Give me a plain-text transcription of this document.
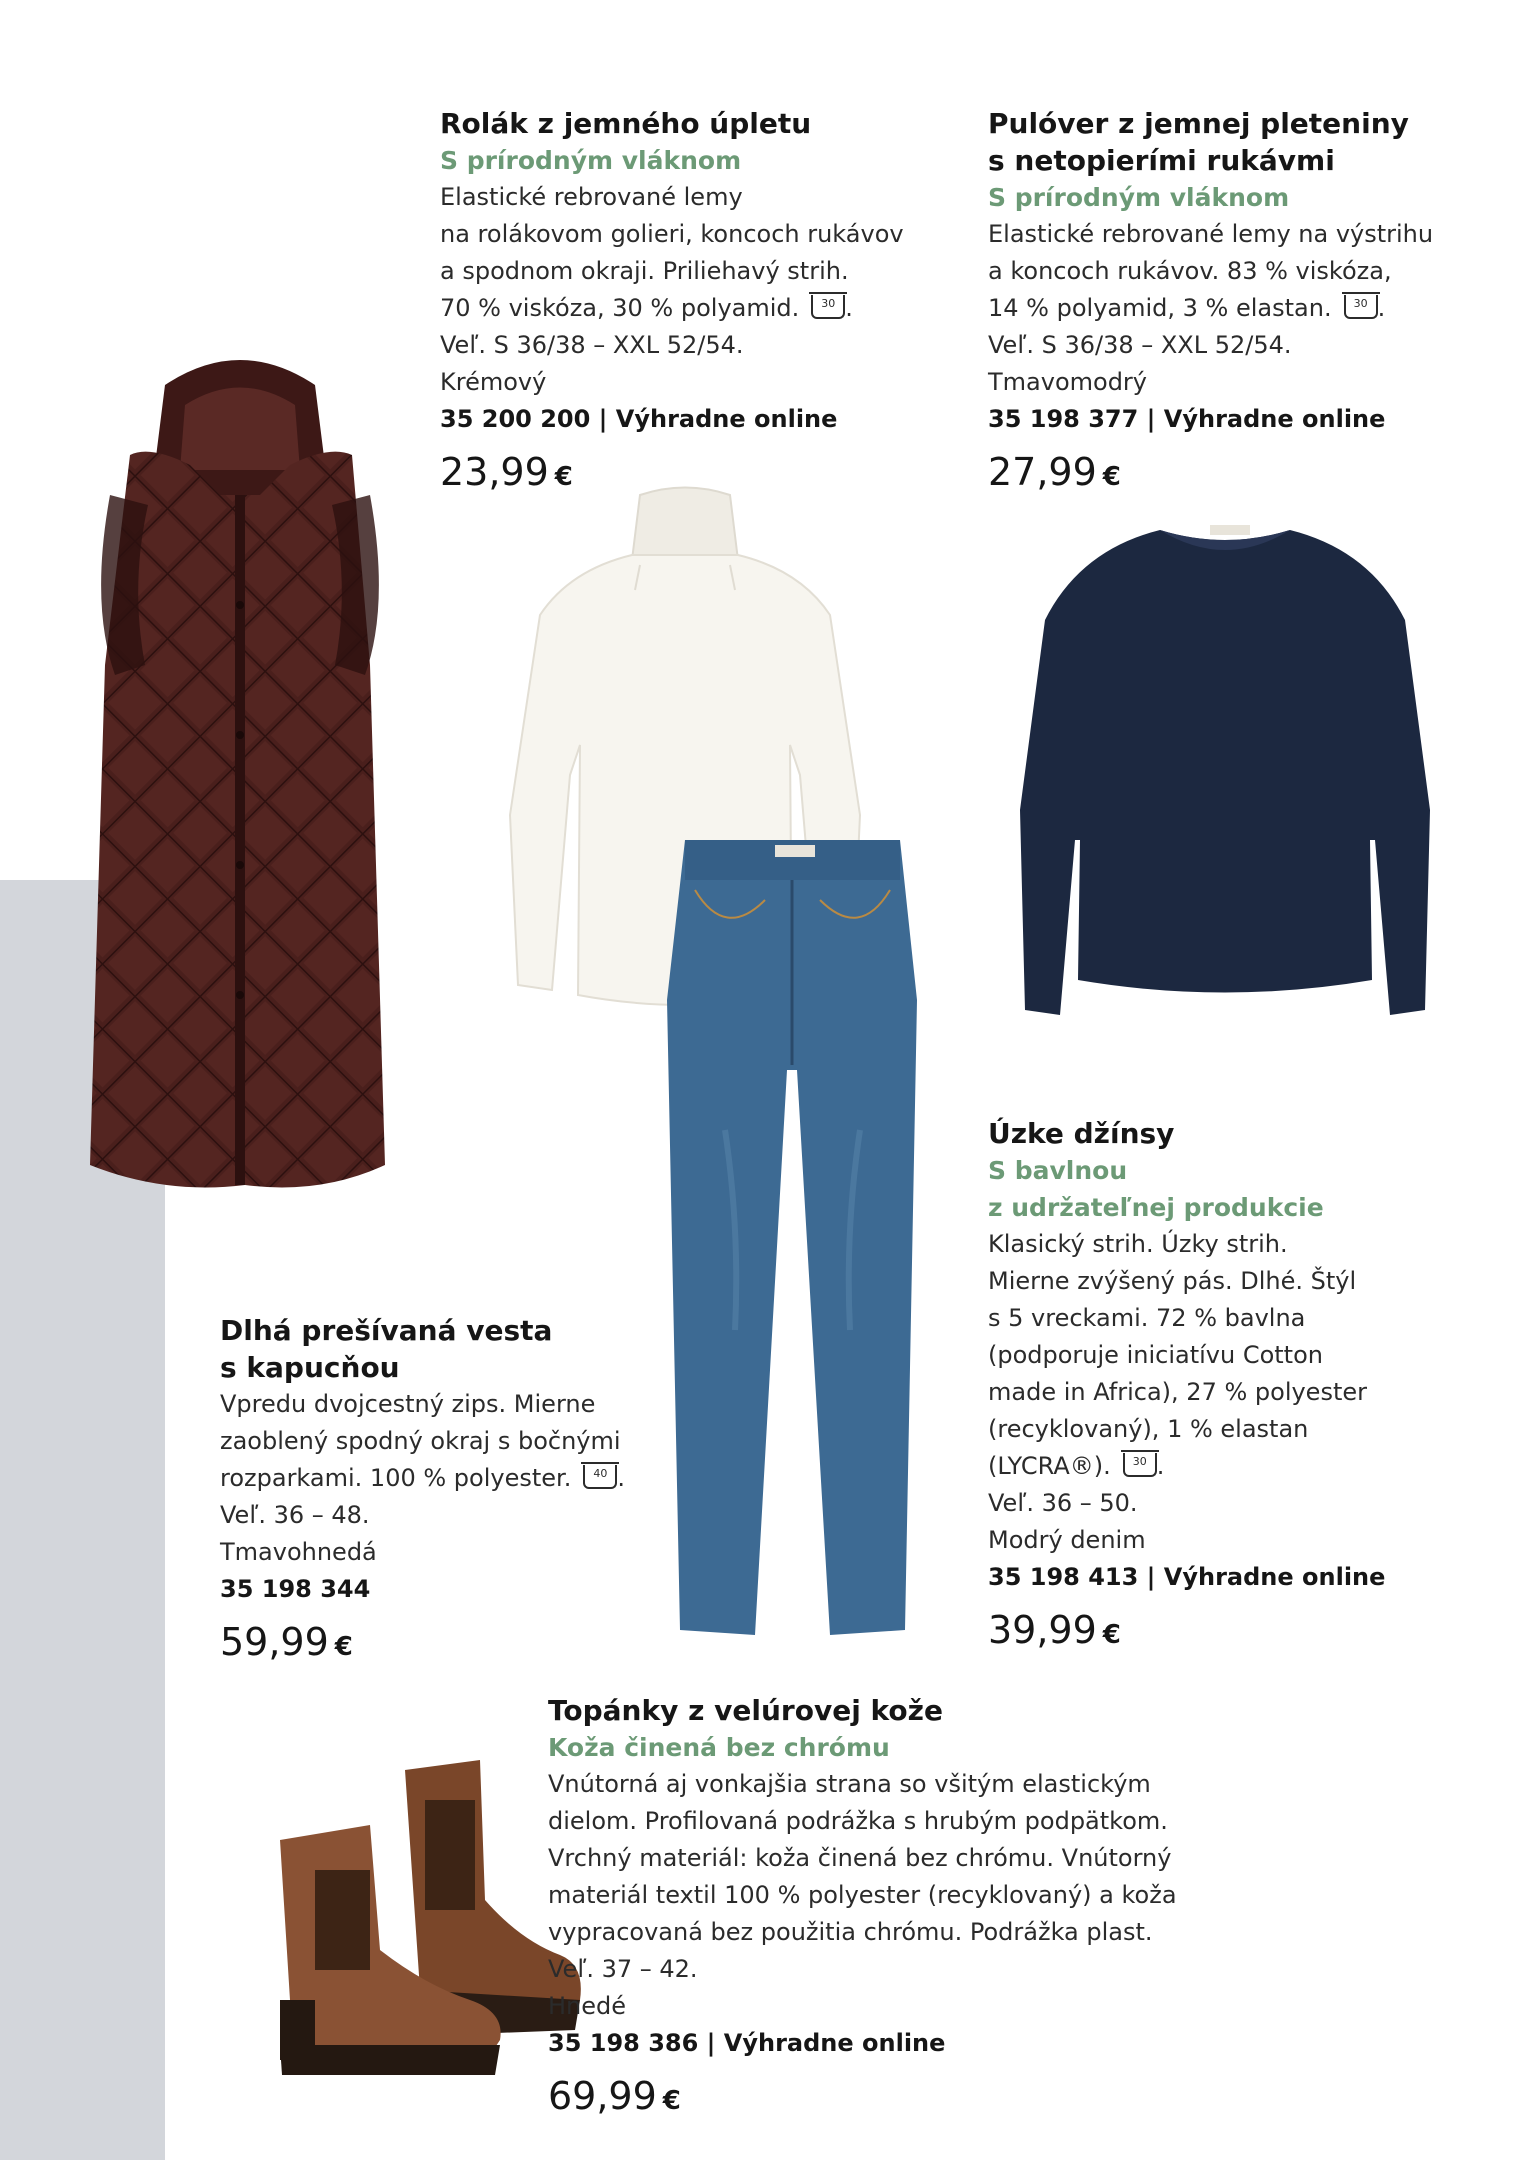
Rolák z jemného úpletu
S prírodným vláknom
Elastické rebrované lemy
na rolákovom golieri, koncoch rukávov
a spodnom okraji. Priliehavý strih.
70 % viskóza, 30 % polyamid. 30 .
Veľ. S 36/38 – XXL 52/54.
Krémový
35 200 200 | Výhradne online
23,99 €
Pulóver z jemnej pleteniny
s netopierími rukávmi
S prírodným vláknom
Elastické rebrované lemy na výstrihu
a koncoch rukávov. 83 % viskóza,
14 % polyamid, 3 % elastan. 30 .
Veľ. S 36/38 – XXL 52/54.
Tmavomodrý
35 198 377 | Výhradne online
27,99 €
Dlhá prešívaná vesta
s kapucňou
Vpredu dvojcestný zips. Mierne
zaoblený spodný okraj s bočnými
rozparkami. 100 % polyester. 40 .
Veľ. 36 – 48.
Tmavohnedá
35 198 344
59,99 €
Úzke džínsy
S bavlnou
z udržateľnej produkcie
Klasický strih. Úzky strih.
Mierne zvýšený pás. Dlhé. Štýl
s 5 vreckami. 72 % bavlna
(podporuje iniciatívu Cotton
made in Africa), 27 % polyester
(recyklovaný), 1 % elastan
(LYCRA®). 30 .
Veľ. 36 – 50.
Modrý denim
35 198 413 | Výhradne online
39,99 €
Topánky z velúrovej kože
Koža činená bez chrómu
Vnútorná aj vonkajšia strana so všitým elastickým
dielom. Profilovaná podrážka s hrubým podpätkom.
Vrchný materiál: koža činená bez chrómu. Vnútorný
materiál textil 100 % polyester (recyklovaný) a koža
vypracovaná bez použitia chrómu. Podrážka plast.
Veľ. 37 – 42.
Hnedé
35 198 386 | Výhradne online
69,99 €
